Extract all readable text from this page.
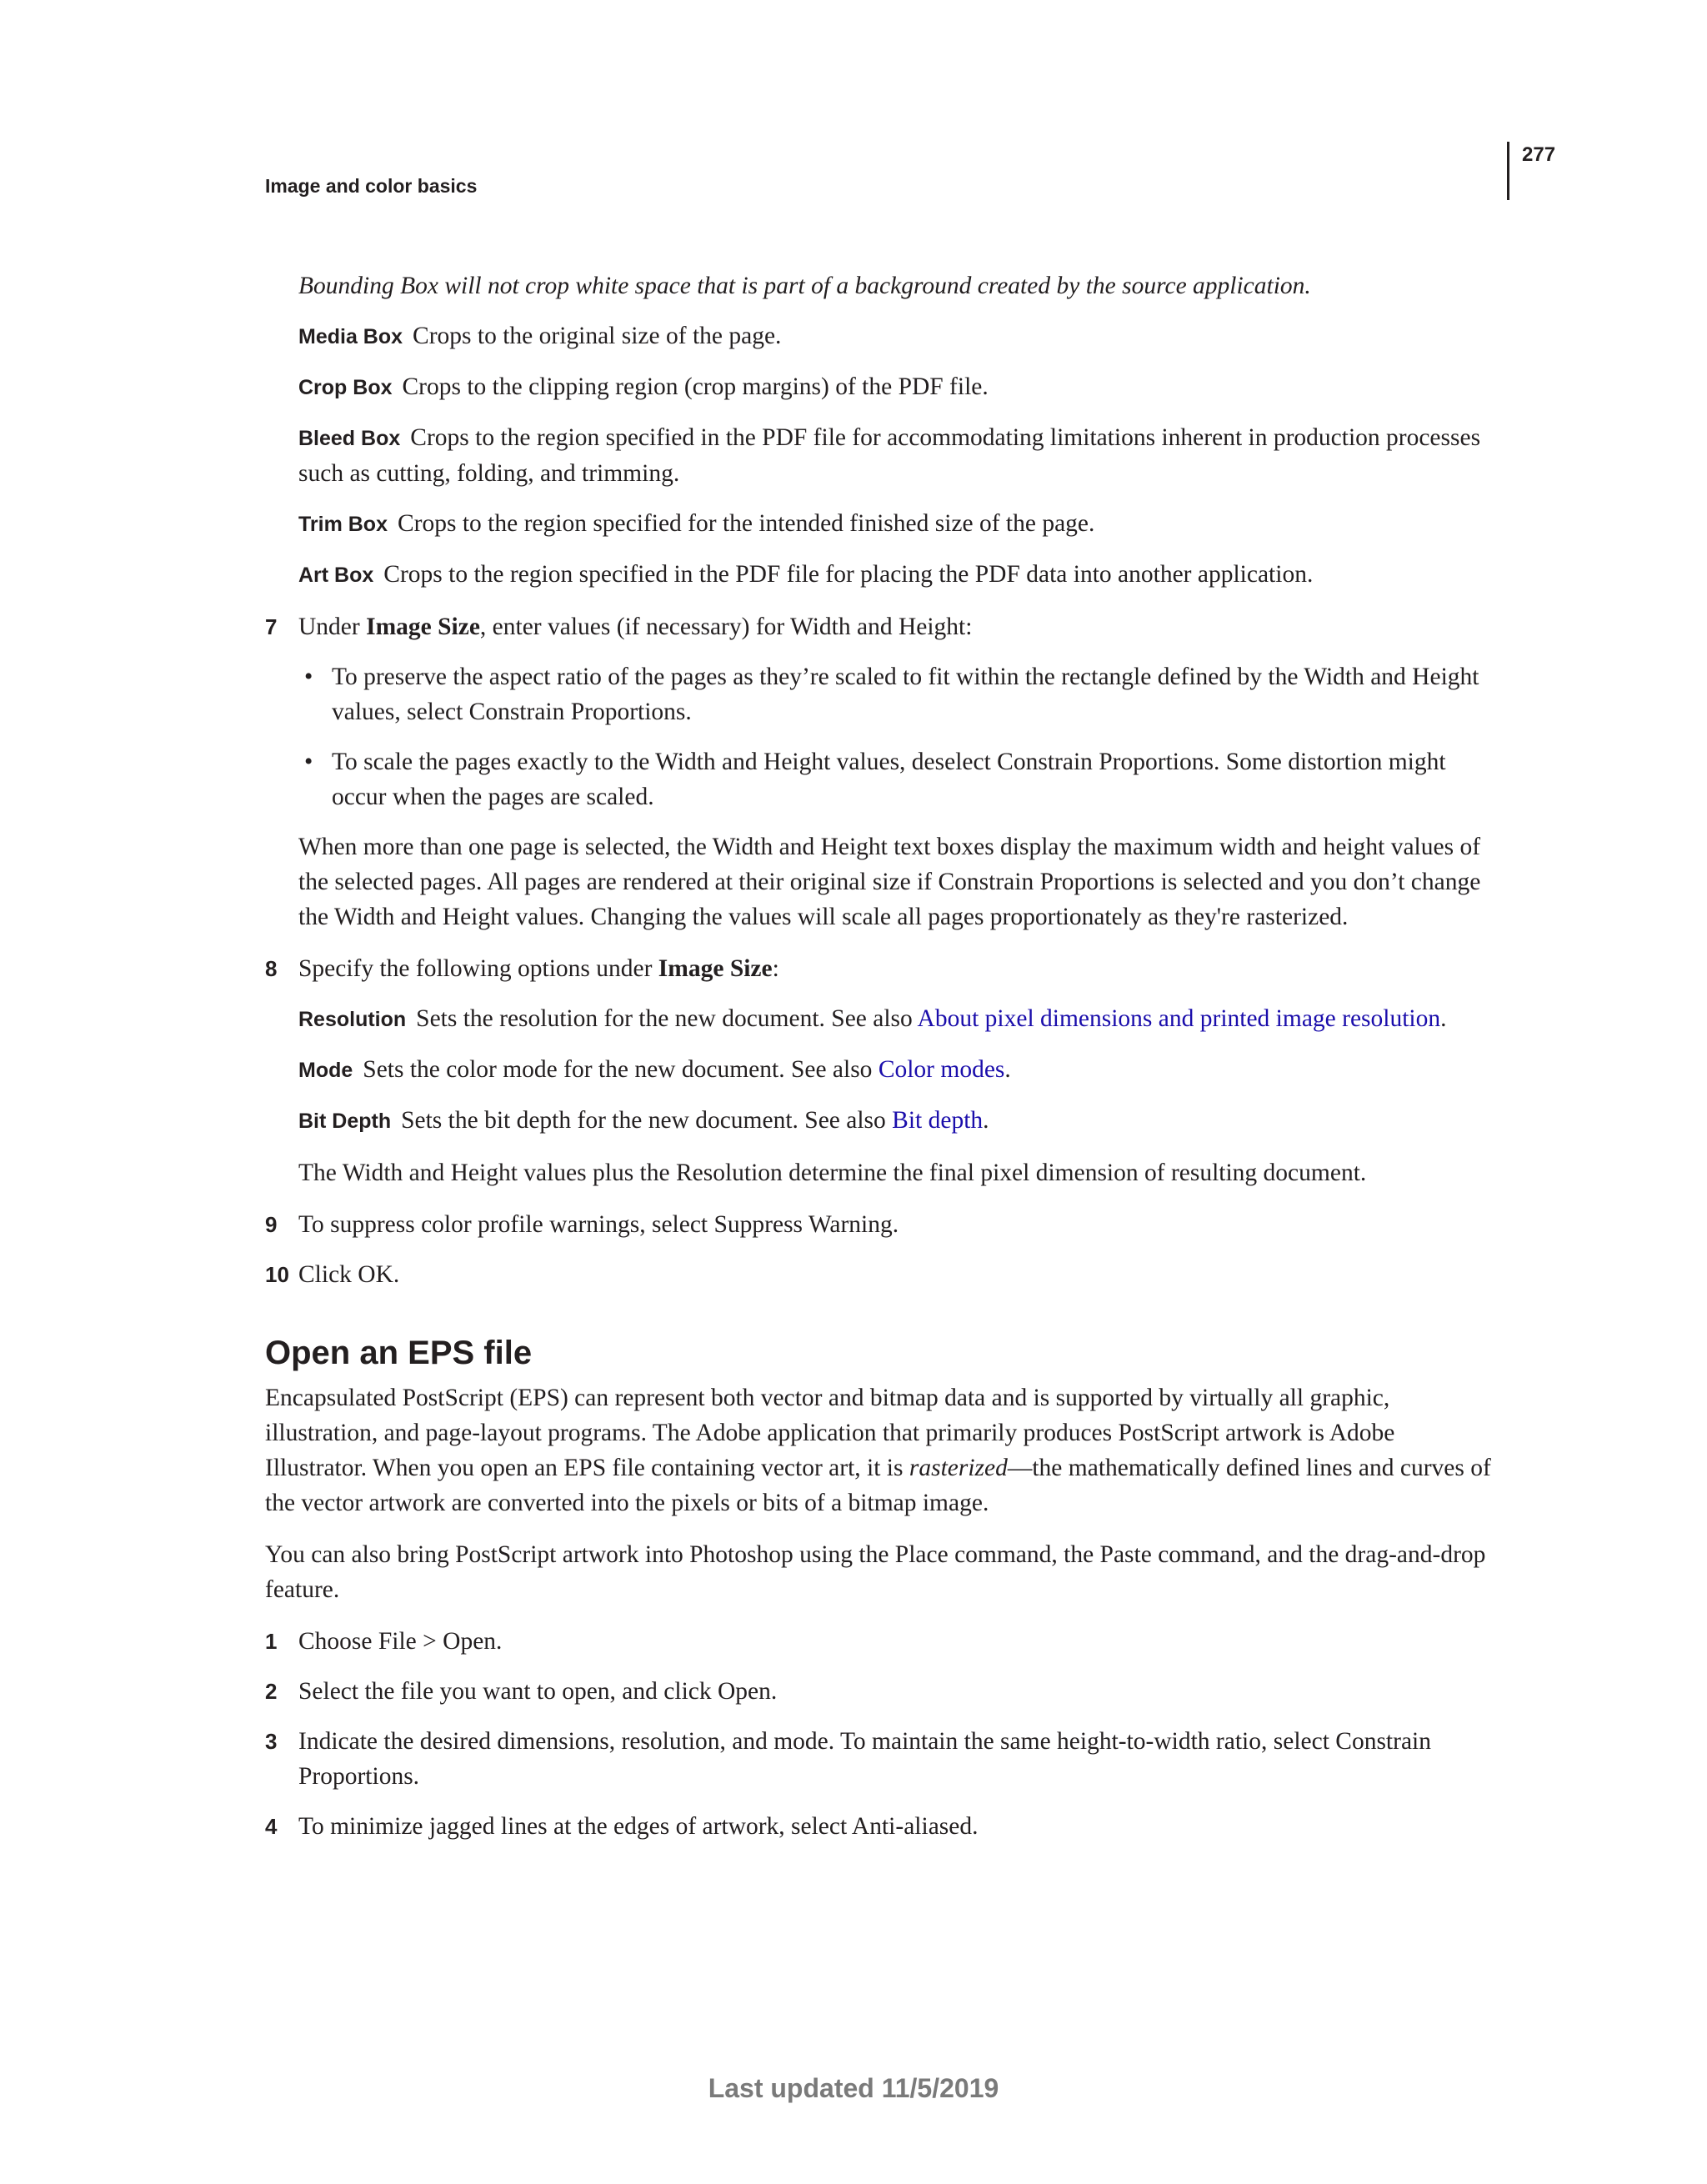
277
Image and color basics

Bounding Box will not crop white space that is part of a background created by the source application.

Media Box Crops to the original size of the page.

Crop Box Crops to the clipping region (crop margins) of the PDF file.

Bleed Box Crops to the region specified in the PDF file for accommodating limitations inherent in production processes such as cutting, folding, and trimming.

Trim Box Crops to the region specified for the intended finished size of the page.

Art Box Crops to the region specified in the PDF file for placing the PDF data into another application.

7 Under Image Size, enter values (if necessary) for Width and Height:
• To preserve the aspect ratio of the pages as they’re scaled to fit within the rectangle defined by the Width and Height values, select Constrain Proportions.
• To scale the pages exactly to the Width and Height values, deselect Constrain Proportions. Some distortion might occur when the pages are scaled.

When more than one page is selected, the Width and Height text boxes display the maximum width and height values of the selected pages. All pages are rendered at their original size if Constrain Proportions is selected and you don’t change the Width and Height values. Changing the values will scale all pages proportionately as they're rasterized.

8 Specify the following options under Image Size:

Resolution Sets the resolution for the new document. See also About pixel dimensions and printed image resolution.

Mode Sets the color mode for the new document. See also Color modes.

Bit Depth Sets the bit depth for the new document. See also Bit depth.

The Width and Height values plus the Resolution determine the final pixel dimension of resulting document.

9 To suppress color profile warnings, select Suppress Warning.
10 Click OK.
Open an EPS file

Encapsulated PostScript (EPS) can represent both vector and bitmap data and is supported by virtually all graphic, illustration, and page-layout programs. The Adobe application that primarily produces PostScript artwork is Adobe Illustrator. When you open an EPS file containing vector art, it is rasterized—the mathematically defined lines and curves of the vector artwork are converted into the pixels or bits of a bitmap image.

You can also bring PostScript artwork into Photoshop using the Place command, the Paste command, and the drag-and-drop feature.

1 Choose File > Open.
2 Select the file you want to open, and click Open.
3 Indicate the desired dimensions, resolution, and mode. To maintain the same height-to-width ratio, select Constrain Proportions.
4 To minimize jagged lines at the edges of artwork, select Anti-aliased.
Last updated 11/5/2019
